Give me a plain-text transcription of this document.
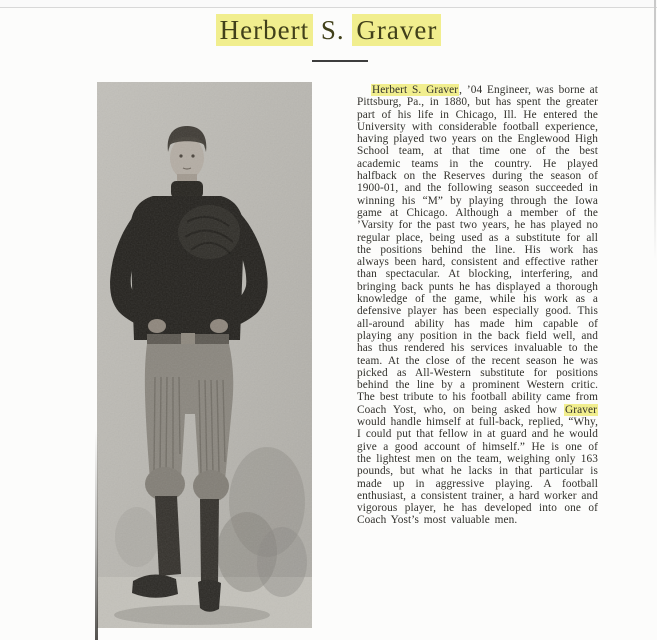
Herbert S. Graver

Herbert S. Graver, ’04 Engineer, was borne at Pittsburg, Pa., in 1880, but has spent the greater part of his life in Chicago, Ill. He entered the University with considerable football experience, having played two years on the Englewood High School team, at that time one of the best academic teams in the country. He played halfback on the Reserves during the season of 1900-01, and the following season succeeded in winning his “M” by playing through the Iowa game at Chicago. Although a member of the ’Varsity for the past two years, he has played no regular place, being used as a substitute for all the positions behind the line. His work has always been hard, consistent and effective rather than spectacular. At blocking, interfering, and bringing back punts he has displayed a thorough knowledge of the game, while his work as a defensive player has been especially good. This all-around ability has made him capable of playing any position in the back field well, and has thus rendered his services invaluable to the team. At the close of the recent season he was picked as All-Western substitute for positions behind the line by a prominent Western critic. The best tribute to his football ability came from Coach Yost, who, on being asked how Graver would handle himself at full-back, replied, “Why, I could put that fellow in at guard and he would give a good account of himself.” He is one of the lightest men on the team, weighing only 163 pounds, but what he lacks in that particular is made up in aggressive playing. A football enthusiast, a consistent trainer, a hard worker and vigorous player, he has developed into one of Coach Yost’s most valuable men.
